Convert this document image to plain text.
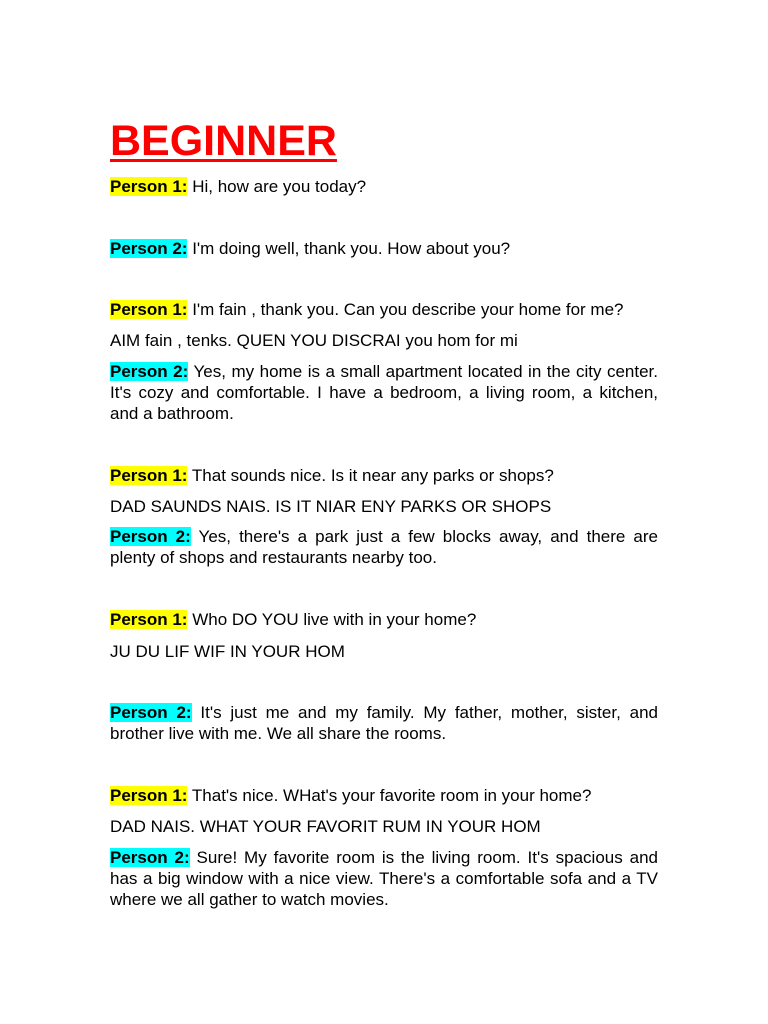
BEGINNER

Person 1: Hi, how are you today?

Person 2: I'm doing well, thank you. How about you?

Person 1: I'm fain , thank you. Can you describe your home for me?

AIM fain , tenks. QUEN YOU DISCRAI you hom for mi

Person 2: Yes, my home is a small apartment located in the city center. It's cozy and comfortable. I have a bedroom, a living room, a kitchen, and a bathroom.

Person 1: That sounds nice. Is it near any parks or shops?

DAD SAUNDS NAIS. IS IT NIAR ENY PARKS OR SHOPS

Person 2: Yes, there's a park just a few blocks away, and there are plenty of shops and restaurants nearby too.

Person 1: Who DO YOU live with in your home?

JU DU LIF WIF IN YOUR HOM

Person 2: It's just me and my family. My father, mother, sister, and brother live with me. We all share the rooms.

Person 1: That's nice. WHat's your favorite room in your home?

DAD NAIS. WHAT YOUR FAVORIT RUM IN YOUR HOM

Person 2: Sure! My favorite room is the living room. It's spacious and has a big window with a nice view. There's a comfortable sofa and a TV where we all gather to watch movies.
